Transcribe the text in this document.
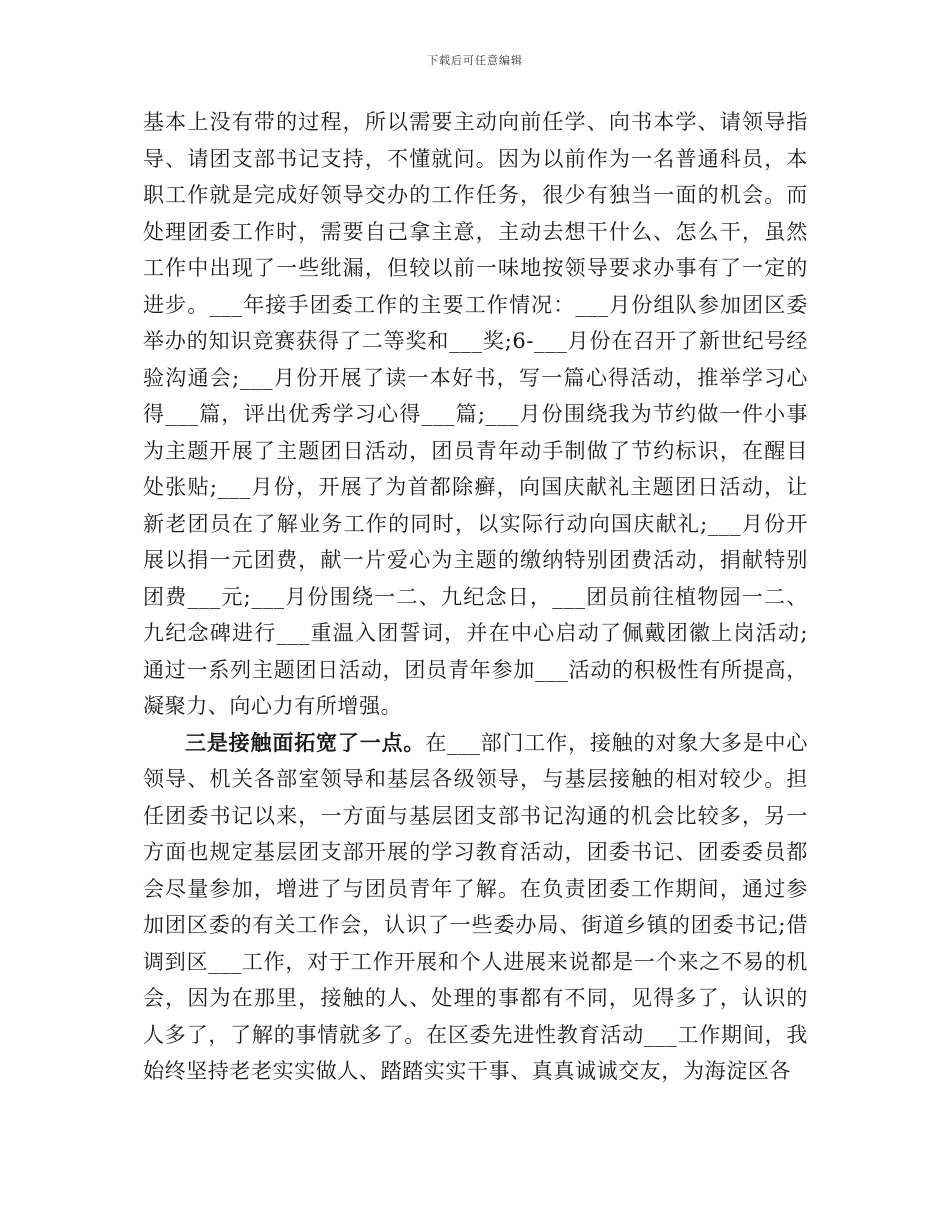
下载后可任意编辑

基本上没有带的过程，所以需要主动向前任学、向书本学、请领导指导、请团支部书记支持，不懂就问。因为以前作为一名普通科员，本职工作就是完成好领导交办的工作任务，很少有独当一面的机会。而处理团委工作时，需要自己拿主意，主动去想干什么、怎么干，虽然工作中出现了一些纰漏，但较以前一味地按领导要求办事有了一定的进步。___年接手团委工作的主要工作情况：___月份组队参加团区委举办的知识竞赛获得了二等奖和___奖;6-___月份在召开了新世纪号经验沟通会;___月份开展了读一本好书，写一篇心得活动，推举学习心得___篇，评出优秀学习心得___篇;___月份围绕我为节约做一件小事为主题开展了主题团日活动，团员青年动手制做了节约标识，在醒目处张贴;___月份，开展了为首都除癣，向国庆献礼主题团日活动，让新老团员在了解业务工作的同时，以实际行动向国庆献礼;___月份开展以捐一元团费，献一片爱心为主题的缴纳特别团费活动，捐献特别团费___元;___月份围绕一二、九纪念日，___团员前往植物园一二、九纪念碑进行___重温入团誓词，并在中心启动了佩戴团徽上岗活动;通过一系列主题团日活动，团员青年参加___活动的积极性有所提高，凝聚力、向心力有所增强。

三是接触面拓宽了一点。在___部门工作，接触的对象大多是中心领导、机关各部室领导和基层各级领导，与基层接触的相对较少。担任团委书记以来，一方面与基层团支部书记沟通的机会比较多，另一方面也规定基层团支部开展的学习教育活动，团委书记、团委委员都会尽量参加，增进了与团员青年了解。在负责团委工作期间，通过参加团区委的有关工作会，认识了一些委办局、街道乡镇的团委书记;借调到区___工作，对于工作开展和个人进展来说都是一个来之不易的机会，因为在那里，接触的人、处理的事都有不同，见得多了，认识的人多了，了解的事情就多了。在区委先进性教育活动___工作期间，我始终坚持老老实实做人、踏踏实实干事、真真诚诚交友，为海淀区各
